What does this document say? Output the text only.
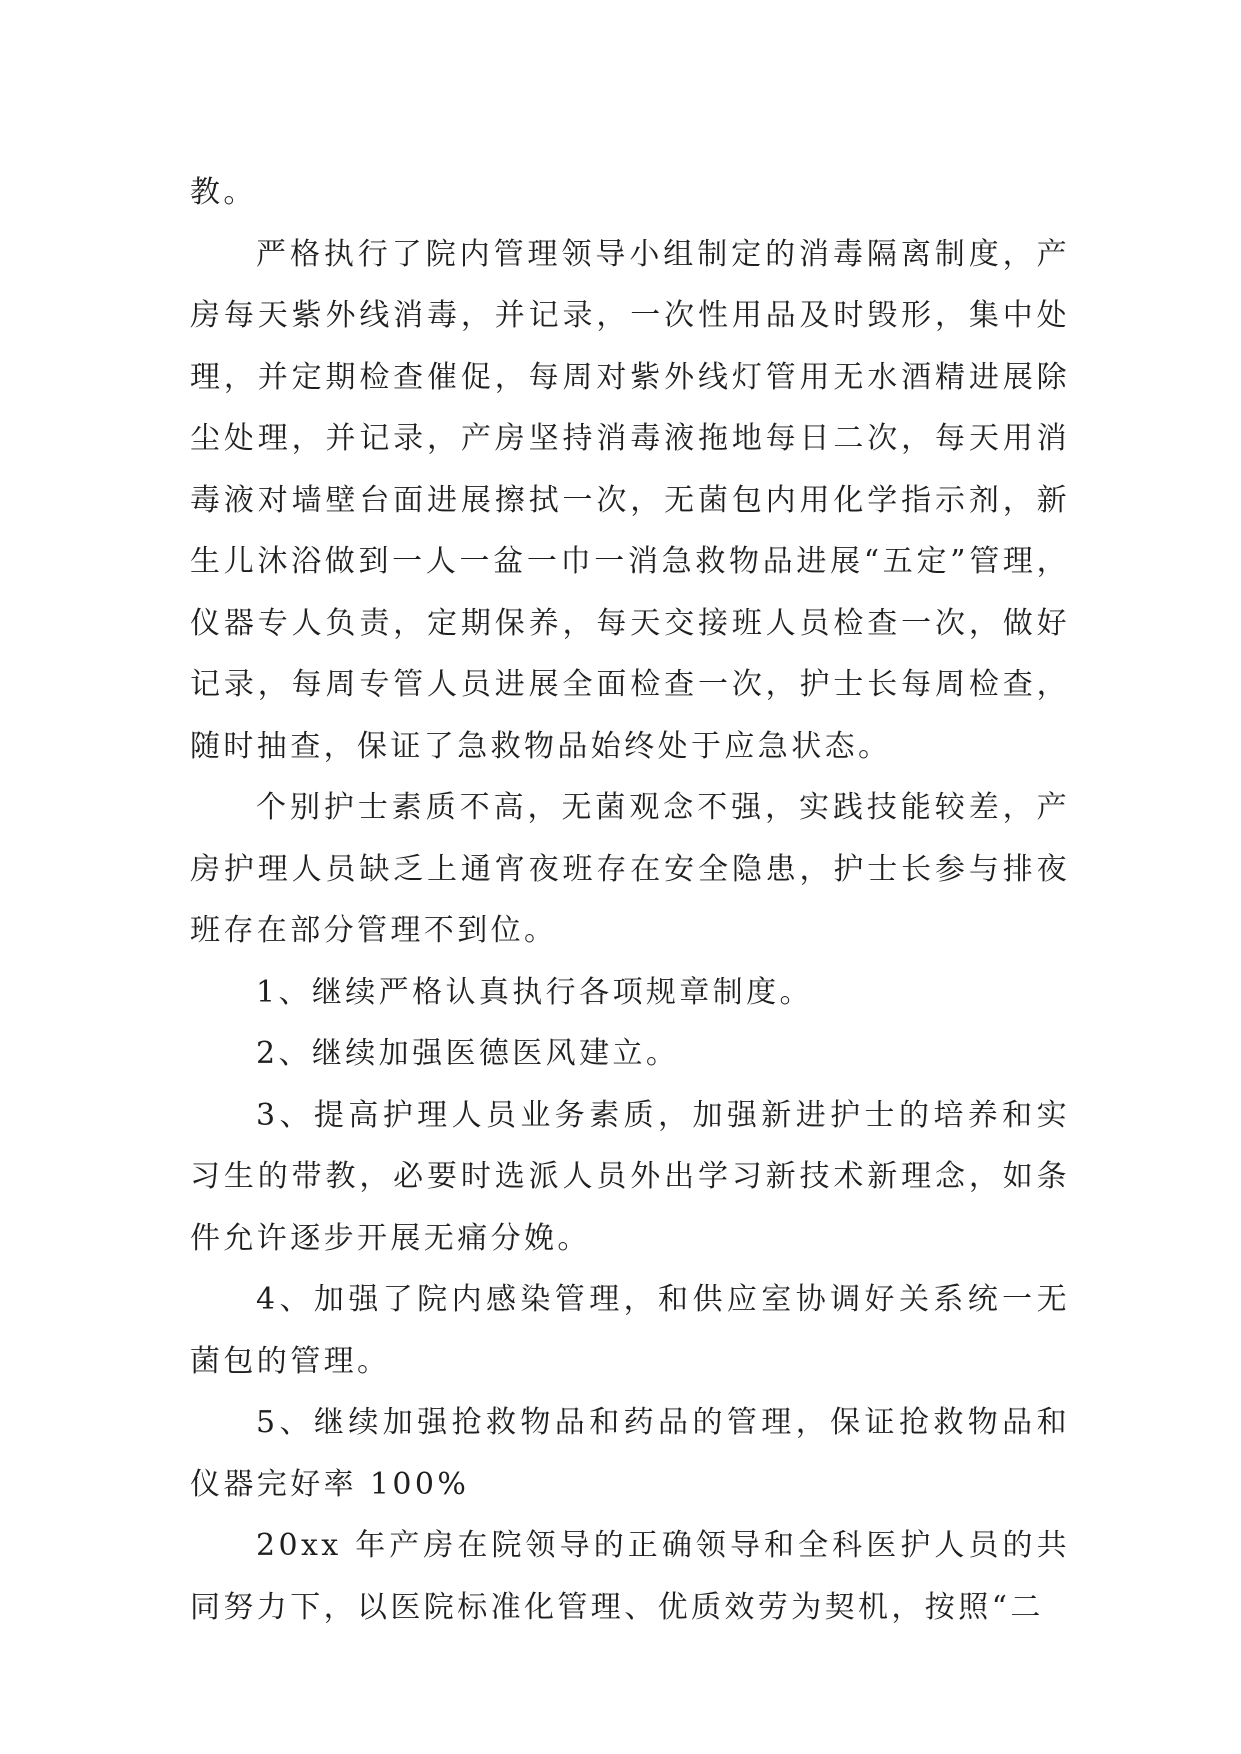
教。

严格执行了院内管理领导小组制定的消毒隔离制度，产房每天紫外线消毒，并记录，一次性用品及时毁形，集中处理，并定期检查催促，每周对紫外线灯管用无水酒精进展除尘处理，并记录，产房坚持消毒液拖地每日二次，每天用消毒液对墙壁台面进展擦拭一次，无菌包内用化学指示剂，新生儿沐浴做到一人一盆一巾一消急救物品进展“五定”管理，仪器专人负责，定期保养，每天交接班人员检查一次，做好记录，每周专管人员进展全面检查一次，护士长每周检查，随时抽查，保证了急救物品始终处于应急状态。

个别护士素质不高，无菌观念不强，实践技能较差，产房护理人员缺乏上通宵夜班存在安全隐患，护士长参与排夜班存在部分管理不到位。

1、继续严格认真执行各项规章制度。

2、继续加强医德医风建立。

3、提高护理人员业务素质，加强新进护士的培养和实习生的带教，必要时选派人员外出学习新技术新理念，如条件允许逐步开展无痛分娩。

4、加强了院内感染管理，和供应室协调好关系统一无菌包的管理。

5、继续加强抢救物品和药品的管理，保证抢救物品和仪器完好率 100%

20xx 年产房在院领导的正确领导和全科医护人员的共同努力下，以医院标准化管理、优质效劳为契机，按照“二
